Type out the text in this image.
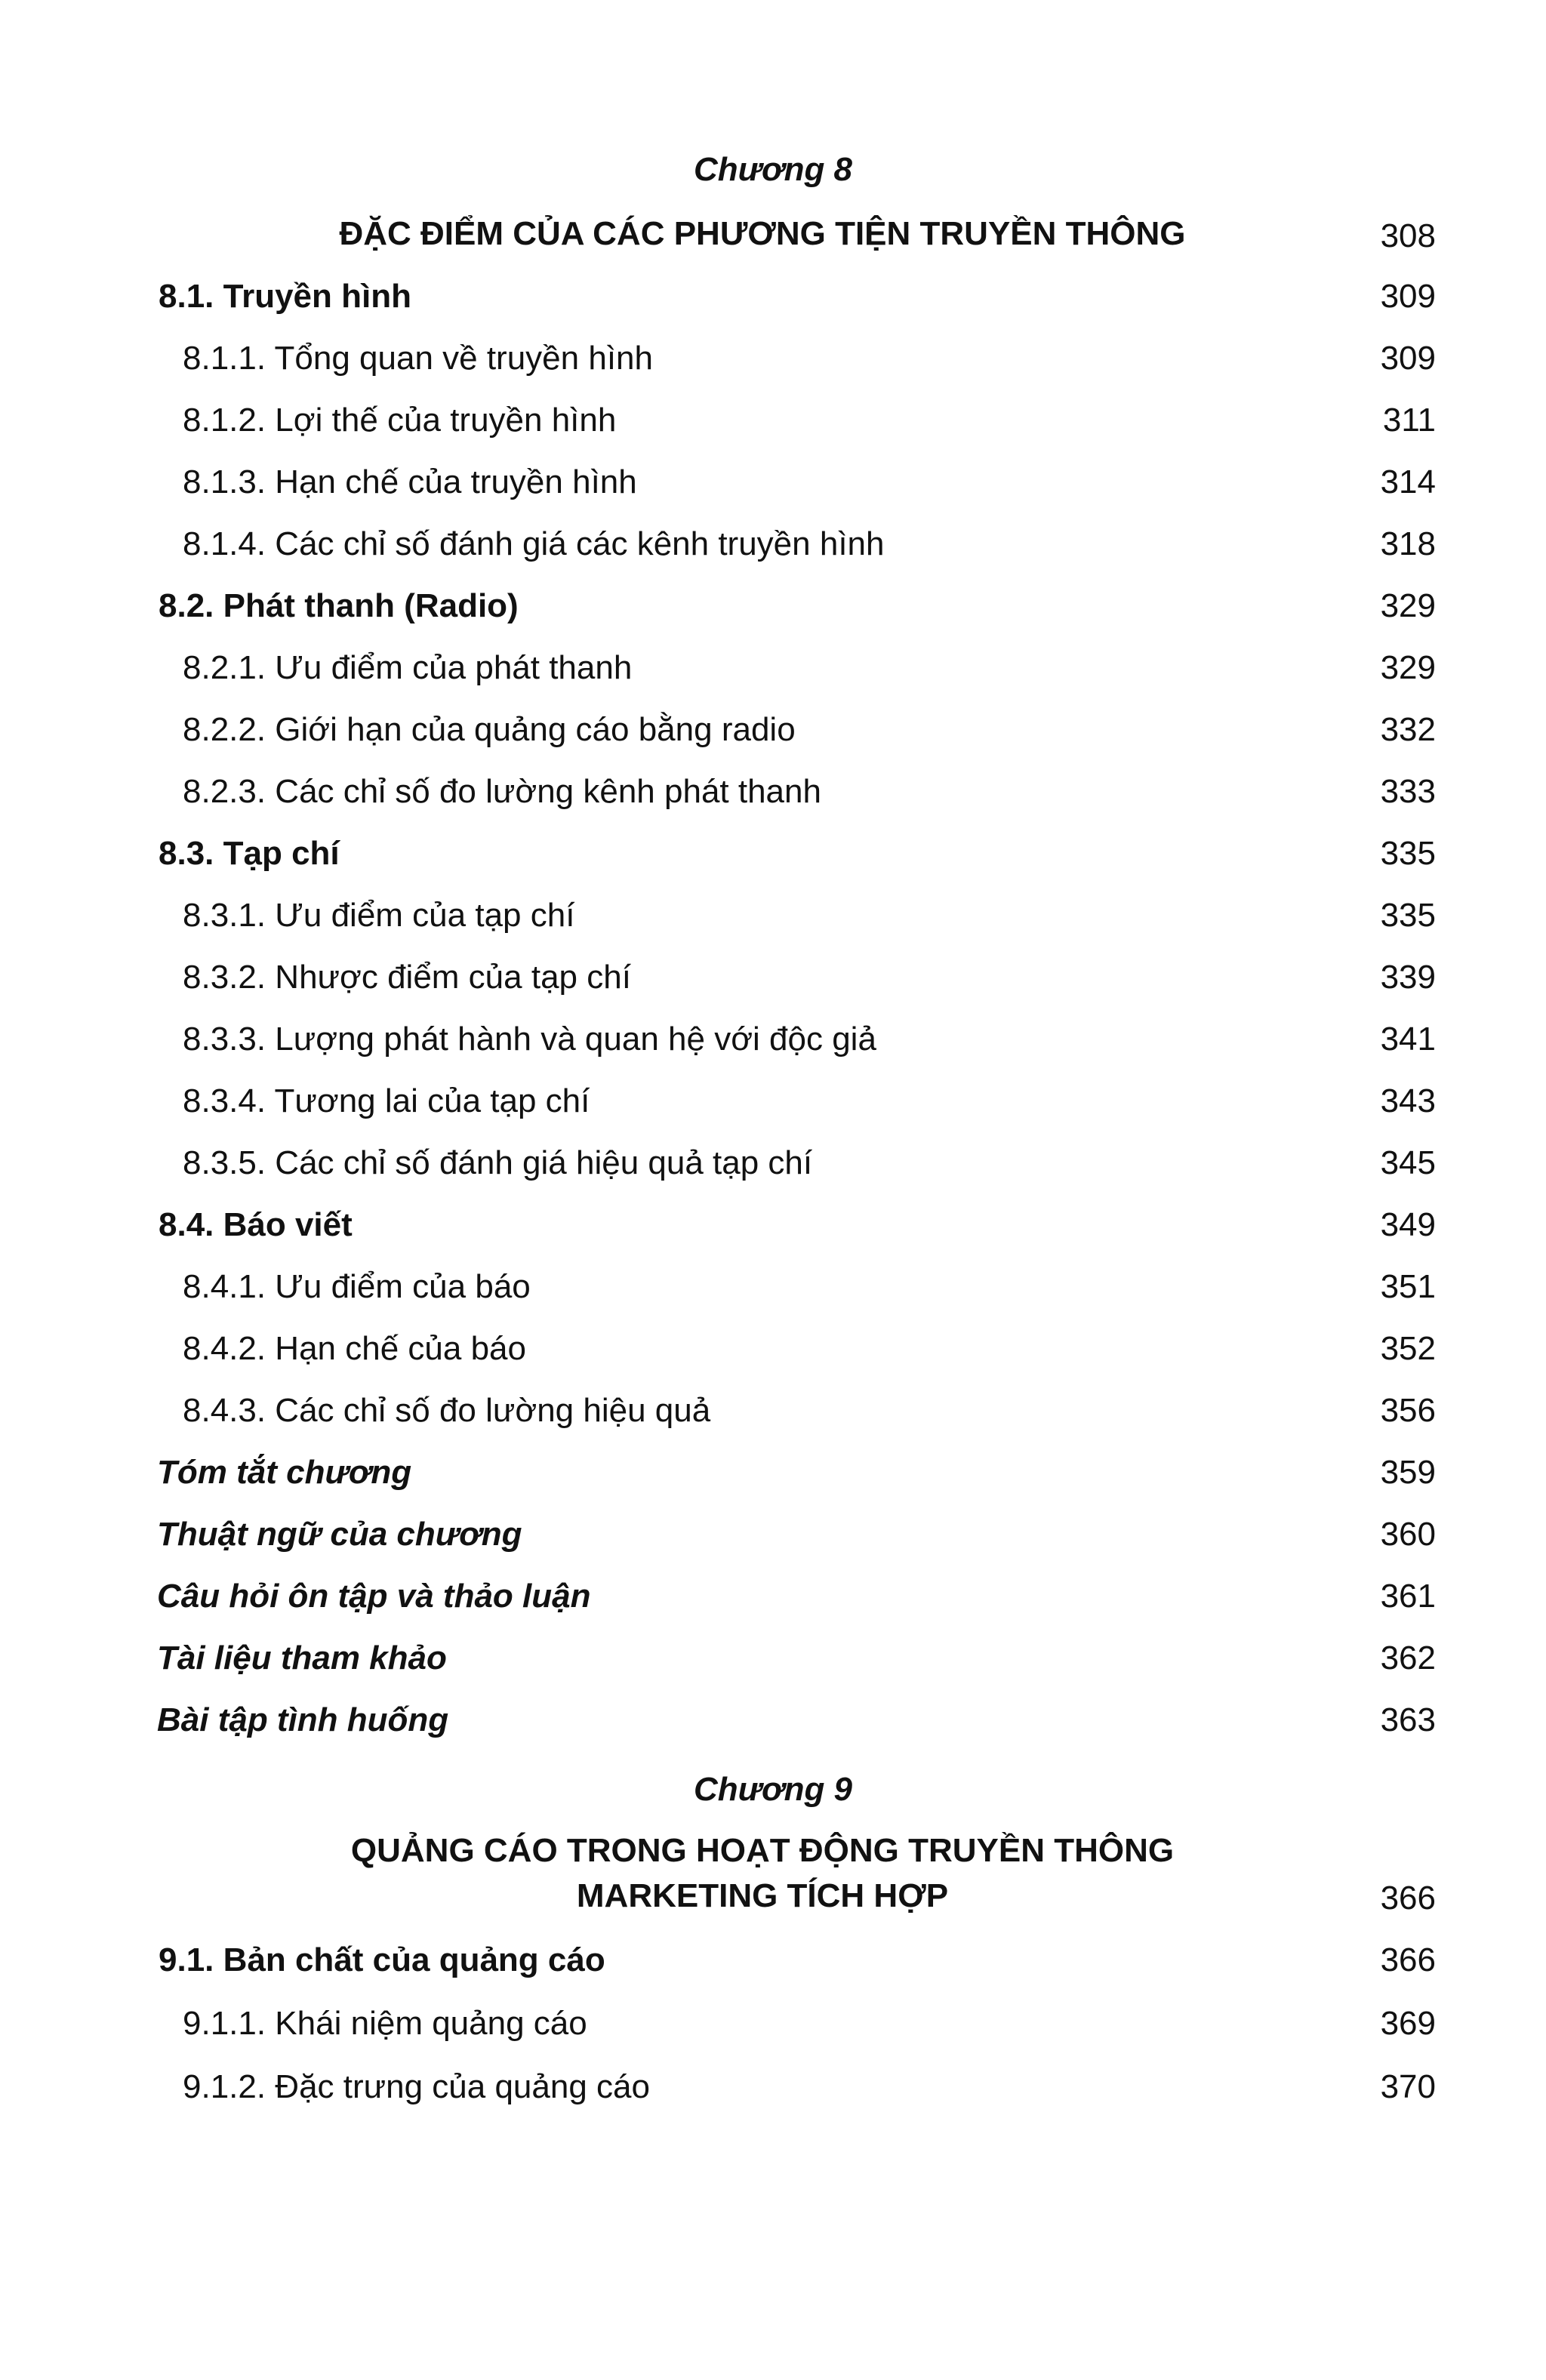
Chương 8
ĐẶC ĐIỂM CỦA CÁC PHƯƠNG TIỆN TRUYỀN THÔNG	308
8.1. Truyền hình	309
8.1.1. Tổng quan về truyền hình	309
8.1.2. Lợi thế của truyền hình	311
8.1.3. Hạn chế của truyền hình	314
8.1.4. Các chỉ số đánh giá các kênh truyền hình	318
8.2. Phát thanh (Radio)	329
8.2.1. Ưu điểm của phát thanh	329
8.2.2. Giới hạn của quảng cáo bằng radio	332
8.2.3. Các chỉ số đo lường kênh phát thanh	333
8.3. Tạp chí	335
8.3.1. Ưu điểm của tạp chí	335
8.3.2. Nhược điểm của tạp chí	339
8.3.3. Lượng phát hành và quan hệ với độc giả	341
8.3.4. Tương lai của tạp chí	343
8.3.5. Các chỉ số đánh giá hiệu quả tạp chí	345
8.4. Báo viết	349
8.4.1. Ưu điểm của báo	351
8.4.2. Hạn chế của báo	352
8.4.3. Các chỉ số đo lường hiệu quả	356
Tóm tắt chương	359
Thuật ngữ của chương	360
Câu hỏi ôn tập và thảo luận	361
Tài liệu tham khảo	362
Bài tập tình huống	363
Chương 9
QUẢNG CÁO TRONG HOẠT ĐỘNG TRUYỀN THÔNG
MARKETING TÍCH HỢP	366
9.1. Bản chất của quảng cáo	366
9.1.1. Khái niệm quảng cáo	369
9.1.2. Đặc trưng của quảng cáo	370
